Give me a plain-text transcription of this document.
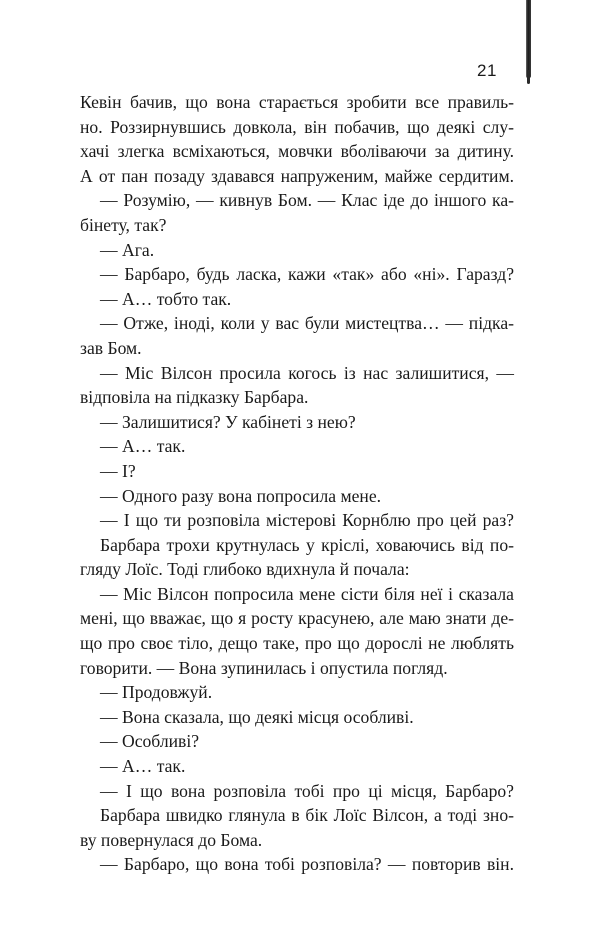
21
Кевін бачив, що вона старається зробити все правиль-
но. Роззирнувшись довкола, він побачив, що деякі слу-
хачі злегка всміхаються, мовчки вболіваючи за дитину.
А от пан позаду здавався напруженим, майже сердитим.
— Розумію, — кивнув Бом. — Клас іде до іншого ка-
бінету, так?
— Ага.
— Барбаро, будь ласка, кажи «так» або «ні». Гаразд?
— А… тобто так.
— Отже, іноді, коли у вас були мистецтва… — підка-
зав Бом.
— Міс Вілсон просила когось із нас залишитися, —
відповіла на підказку Барбара.
— Залишитися? У кабінеті з нею?
— А… так.
— І?
— Одного разу вона попросила мене.
— І що ти розповіла містерові Корнблю про цей раз?
Барбара трохи крутнулась у кріслі, ховаючись від по-
гляду Лоїс. Тоді глибоко вдихнула й почала:
— Міс Вілсон попросила мене сісти біля неї і сказала
мені, що вважає, що я росту красунею, але маю знати де-
що про своє тіло, дещо таке, про що дорослі не люблять
говорити. — Вона зупинилась і опустила погляд.
— Продовжуй.
— Вона сказала, що деякі місця особливі.
— Особливі?
— А… так.
— І що вона розповіла тобі про ці місця, Барбаро?
Барбара швидко глянула в бік Лоїс Вілсон, а тоді зно-
ву повернулася до Бома.
— Барбаро, що вона тобі розповіла? — повторив він.
